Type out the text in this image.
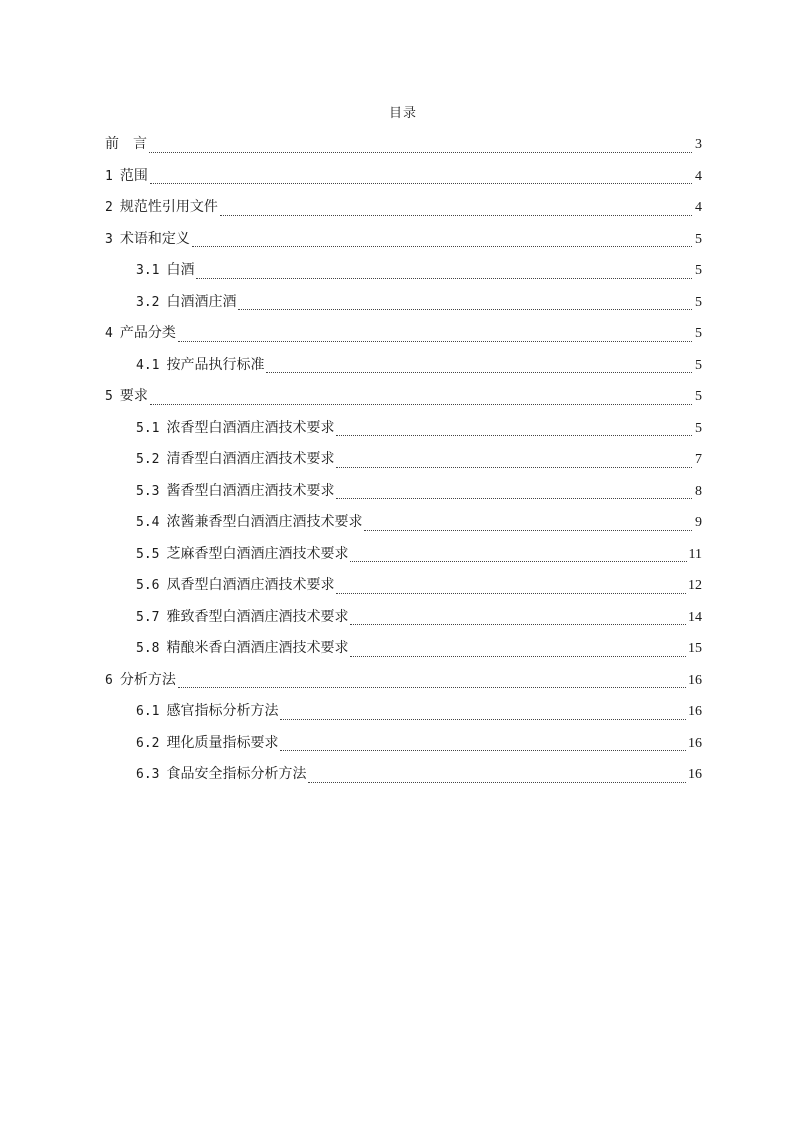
目录
前　言	3
1 范围	4
2 规范性引用文件	4
3 术语和定义	5
3.1 白酒	5
3.2 白酒酒庄酒	5
4 产品分类	5
4.1 按产品执行标准	5
5 要求	5
5.1 浓香型白酒酒庄酒技术要求	5
5.2 清香型白酒酒庄酒技术要求	7
5.3 酱香型白酒酒庄酒技术要求	8
5.4 浓酱兼香型白酒酒庄酒技术要求	9
5.5 芝麻香型白酒酒庄酒技术要求	11
5.6 凤香型白酒酒庄酒技术要求	12
5.7 雅致香型白酒酒庄酒技术要求	14
5.8 精酿米香白酒酒庄酒技术要求	15
6 分析方法	16
6.1 感官指标分析方法	16
6.2 理化质量指标要求	16
6.3 食品安全指标分析方法	16
